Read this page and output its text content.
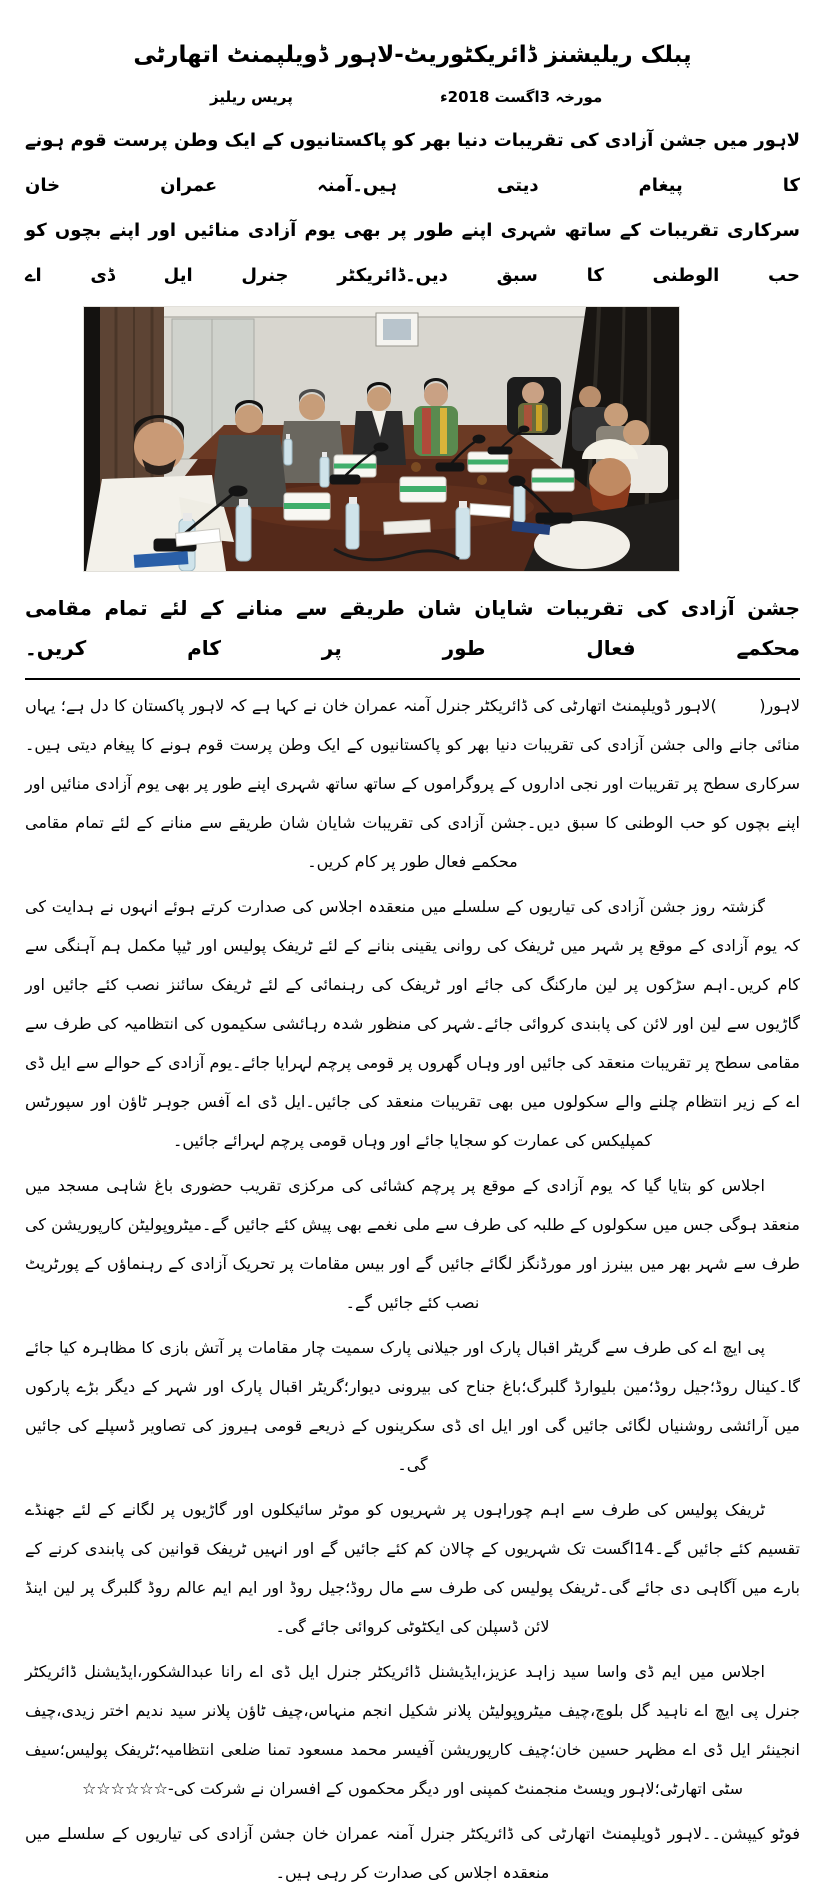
پبلک ریلیشنز ڈائریکٹوریٹ-لاہور ڈویلپمنٹ اتھارٹی
مورخہ 3اگست 2018ء
پریس ریلیز
لاہور میں جشن آزادی کی تقریبات دنیا بھر کو پاکستانیوں کے ایک وطن پرست قوم ہونے کا پیغام دیتی ہیں۔آمنہ عمران خان
سرکاری تقریبات کے ساتھ شہری اپنے طور پر بھی یوم آزادی منائیں اور اپنے بچوں کو حب الوطنی کا سبق دیں۔ڈائریکٹر جنرل ایل ڈی اے
جشن آزادی کی تقریبات شایان شان طریقے سے منانے کے لئے تمام مقامی محکمے فعال طور پر کام کریں۔
لاہور(        )لاہور ڈویلپمنٹ اتھارٹی کی ڈائریکٹر جنرل آمنہ عمران خان نے کہا ہے کہ لاہور پاکستان کا دل ہے؛ یہاں منائی جانے والی جشن آزادی کی تقریبات دنیا بھر کو پاکستانیوں کے ایک وطن پرست قوم ہونے کا پیغام دیتی ہیں۔سرکاری سطح پر تقریبات اور نجی اداروں کے پروگراموں کے ساتھ ساتھ شہری اپنے طور پر بھی یوم آزادی منائیں اور اپنے بچوں کو حب الوطنی کا سبق دیں۔جشن آزادی کی تقریبات شایان شان طریقے سے منانے کے لئے تمام مقامی محکمے فعال طور پر کام کریں۔
گزشتہ روز جشن آزادی کی تیاریوں کے سلسلے میں منعقدہ اجلاس کی صدارت کرتے ہوئے انہوں نے ہدایت کی کہ یوم آزادی کے موقع پر شہر میں ٹریفک کی روانی یقینی بنانے کے لئے ٹریفک پولیس اور ٹیپا مکمل ہم آہنگی سے کام کریں۔اہم سڑکوں پر لین مارکنگ کی جائے اور ٹریفک کی رہنمائی کے لئے ٹریفک سائنز نصب کئے جائیں اور گاڑیوں سے لین اور لائن کی پابندی کروائی جائے۔شہر کی منظور شدہ رہائشی سکیموں کی انتظامیہ کی طرف سے مقامی سطح پر تقریبات منعقد کی جائیں اور وہاں گھروں پر قومی پرچم لہرایا جائے۔یوم آزادی کے حوالے سے ایل ڈی اے کے زیر انتظام چلنے والے سکولوں میں بھی تقریبات منعقد کی جائیں۔ایل ڈی اے آفس جوہر ٹاؤن اور سپورٹس کمپلیکس کی عمارت کو سجایا جائے اور وہاں قومی پرچم لہرائے جائیں۔
اجلاس کو بتایا گیا کہ یوم آزادی کے موقع پر پرچم کشائی کی مرکزی تقریب حضوری باغ شاہی مسجد میں منعقد ہوگی جس میں سکولوں کے طلبہ کی طرف سے ملی نغمے بھی پیش کئے جائیں گے۔میٹروپولیٹن کارپوریشن کی طرف سے شہر بھر میں بینرز اور مورڈنگز لگائے جائیں گے اور بیس مقامات پر تحریک آزادی کے رہنماؤں کے پورٹریٹ نصب کئے جائیں گے۔
پی ایچ اے کی طرف سے گریٹر اقبال پارک اور جیلانی پارک سمیت چار مقامات پر آتش بازی کا مظاہرہ کیا جائے گا۔کینال روڈ؛جیل روڈ؛مین بلیوارڈ گلبرگ؛باغ جناح کی بیرونی دیوار؛گریٹر اقبال پارک اور شہر کے دیگر بڑے پارکوں میں آرائشی روشنیاں لگائی جائیں گی اور ایل ای ڈی سکرینوں کے ذریعے قومی ہیروز کی تصاویر ڈسپلے کی جائیں گی۔
ٹریفک پولیس کی طرف سے اہم چوراہوں پر شہریوں کو موٹر سائیکلوں اور گاڑیوں پر لگانے کے لئے جھنڈے تقسیم کئے جائیں گے۔14اگست تک شہریوں کے چالان کم کئے جائیں گے اور انہیں ٹریفک قوانین کی پابندی کرنے کے بارے میں آگاہی دی جائے گی۔ٹریفک پولیس کی طرف سے مال روڈ؛جیل روڈ اور ایم ایم عالم روڈ گلبرگ پر لین اینڈ لائن ڈسپلن کی ایکٹوٹی کروائی جائے گی۔
اجلاس میں ایم ڈی واسا سید زاہد عزیز،ایڈیشنل ڈائریکٹر جنرل ایل ڈی اے رانا عبدالشکور،ایڈیشنل ڈائریکٹر جنرل پی ایچ اے ناہید گل بلوچ،چیف میٹروپولیٹن پلانر شکیل انجم منہاس،چیف ٹاؤن پلانر سید ندیم اختر زیدی،چیف انجینئر ایل ڈی اے مظہر حسین خان؛چیف کارپوریشن آفیسر محمد مسعود تمنا ضلعی انتظامیہ؛ٹریفک پولیس؛سیف سٹی اتھارٹی؛لاہور ویسٹ منجمنٹ کمپنی اور دیگر محکموں کے افسران نے شرکت کی-☆☆☆☆☆☆
فوٹو کیپشن۔۔لاہور ڈویلپمنٹ اتھارٹی کی ڈائریکٹر جنرل آمنہ عمران خان جشن آزادی کی تیاریوں کے سلسلے میں منعقدہ اجلاس کی صدارت کر رہی ہیں۔
